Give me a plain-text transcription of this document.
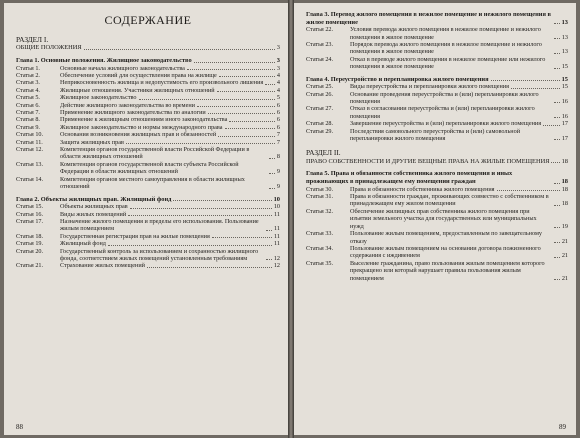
СОДЕРЖАНИЕ
РАЗДЕЛ I.
ОБЩИЕ ПОЛОЖЕНИЯ	3
Глава 1. Основные положения. Жилищное законодательство	3
Статья 1.	Основные начала жилищного законодательства	3
Статья 2.	Обеспечение условий для осуществления права на жилище	4
Статья 3.	Неприкосновенность жилища и недопустимость его произвольного лишения 4
Статья 4.	Жилищные отношения. Участники жилищных отношений	4
Статья 5.	Жилищное законодательство	5
Статья 6.	Действие жилищного законодательства во времени	6
Статья 7.	Применение жилищного законодательства по аналогии	6
Статья 8.	Применение к жилищным отношениям иного законодательства	6
Статья 9.	Жилищное законодательство и нормы международного права	6
Статья 10.	Основания возникновения жилищных прав и обязанностей	7
Статья 11.	Защита жилищных прав	7
Статья 12.	Компетенция органов государственной власти Российской Федерации в области жилищных отношений	8
Статья 13.	Компетенция органов государственной власти субъекта Российской Федерации в области жилищных отношений	9
Статья 14.	Компетенция органов местного самоуправления в области жилищных отношений	9
Глава 2. Объекты жилищных прав. Жилищный фонд	10
Статья 15.	Объекты жилищных прав	10
Статья 16.	Виды жилых помещений	11
Статья 17.	Назначение жилого помещения и пределы его использования. Пользование жилым помещением	11
Статья 18.	Государственная регистрация прав на жилые помещения	11
Статья 19.	Жилищный фонд	11
Статья 20.	Государственный контроль за использованием и сохранностью жилищного фонда, соответствием жилых помещений установленным требованиям	12
Статья 21.	Страхование жилых помещений	12
88
Глава 3. Перевод жилого помещения в нежилое помещение и нежилого помещения в жилое помещение	13
Статья 22.	Условия перевода жилого помещения в нежилое помещение и нежилого помещения в жилое помещение	13
Статья 23.	Порядок перевода жилого помещения в нежилое помещение и нежилого помещения в жилое помещение	13
Статья 24.	Отказ в переводе жилого помещения в нежилое помещение или нежилого помещения в жилое помещение	15
Глава 4. Переустройство и перепланировка жилого помещения	15
Статья 25.	Виды переустройства и перепланировки жилого помещения	15
Статья 26.	Основание проведения переустройства и (или) перепланировки жилого помещения	16
Статья 27.	Отказ в согласовании переустройства и (или) перепланировки жилого помещения	16
Статья 28.	Завершение переустройства и (или) перепланировки жилого помещения	17
Статья 29.	Последствия самовольного переустройства и (или) самовольной перепланировки жилого помещения	17
РАЗДЕЛ II.
ПРАВО СОБСТВЕННОСТИ И ДРУГИЕ ВЕЩНЫЕ ПРАВА НА ЖИЛЫЕ ПОМЕЩЕНИЯ 18
Глава 5. Права и обязанности собственника жилого помещения и иных проживающих в принадлежащем ему помещении граждан	18
Статья 30.	Права и обязанности собственника жилого помещения	18
Статья 31.	Права и обязанности граждан, проживающих совместно с собственником в принадлежащем ему жилом помещении	18
Статья 32.	Обеспечение жилищных прав собственника жилого помещения при изъятии земельного участка для государственных или муниципальных нужд	19
Статья 33.	Пользование жилым помещением, предоставленным по завещательному отказу	21
Статья 34.	Пользование жилым помещением на основании договора пожизненного содержания с иждивением	21
Статья 35.	Выселение гражданина, право пользования жилым помещением которого прекращено или который нарушает правила пользования жилым помещением	21
89
